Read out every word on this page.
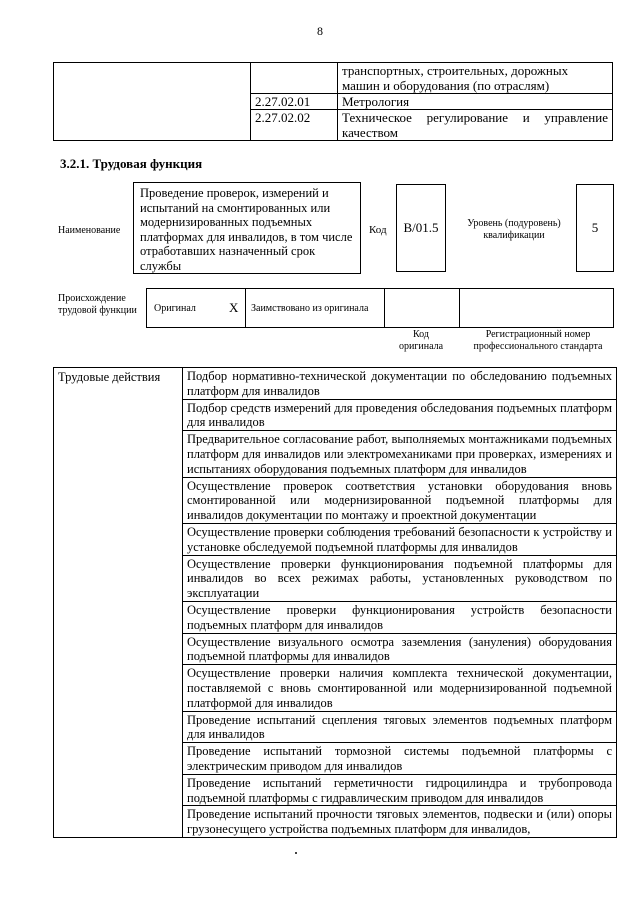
8
		транспортных, строительных, дорожных машин и оборудования (по отраслям)
	2.27.02.01	Метрология
	2.27.02.02	Техническое регулирование и управление качеством
3.2.1. Трудовая функция
Наименование
Проведение проверок, измерений и испытаний на смонтированных или модернизированных подъемных платформах для инвалидов, в том числе отработавших назначенный срок службы
Код B/01.5	Уровень (подуровень) квалификации
5
Происхождение трудовой функции Оригинал	X Заимствовано из оригинала
Код оригинала
Регистрационный номер профессионального стандарта
Трудовые действия	Подбор нормативно-технической документации по обследованию подъемных платформ для инвалидов
Подбор средств измерений для проведения обследования подъемных платформ для инвалидов
Предварительное согласование работ, выполняемых монтажниками подъемных платформ для инвалидов или электромеханиками при проверках, измерениях и испытаниях оборудования подъемных платформ для инвалидов
Осуществление проверок соответствия установки оборудования вновь смонтированной или модернизированной подъемной платформы для инвалидов документации по монтажу и проектной документации
Осуществление проверки соблюдения требований безопасности к устройству и установке обследуемой подъемной платформы для инвалидов
Осуществление проверки функционирования подъемной платформы для инвалидов во всех режимах работы, установленных руководством по эксплуатации
Осуществление проверки функционирования устройств безопасности подъемных платформ для инвалидов
Осуществление визуального осмотра заземления (зануления) оборудования подъемной платформы для инвалидов
Осуществление проверки наличия комплекта технической документации, поставляемой с вновь смонтированной или модернизированной подъемной платформой для инвалидов
Проведение испытаний сцепления тяговых элементов подъемных платформ для инвалидов
Проведение испытаний тормозной системы подъемной платформы с электрическим приводом для инвалидов
Проведение испытаний герметичности гидроцилиндра и трубопровода подъемной платформы с гидравлическим приводом для инвалидов
Проведение испытаний прочности тяговых элементов, подвески и (или) опоры грузонесущего устройства подъемных платформ для инвалидов,
